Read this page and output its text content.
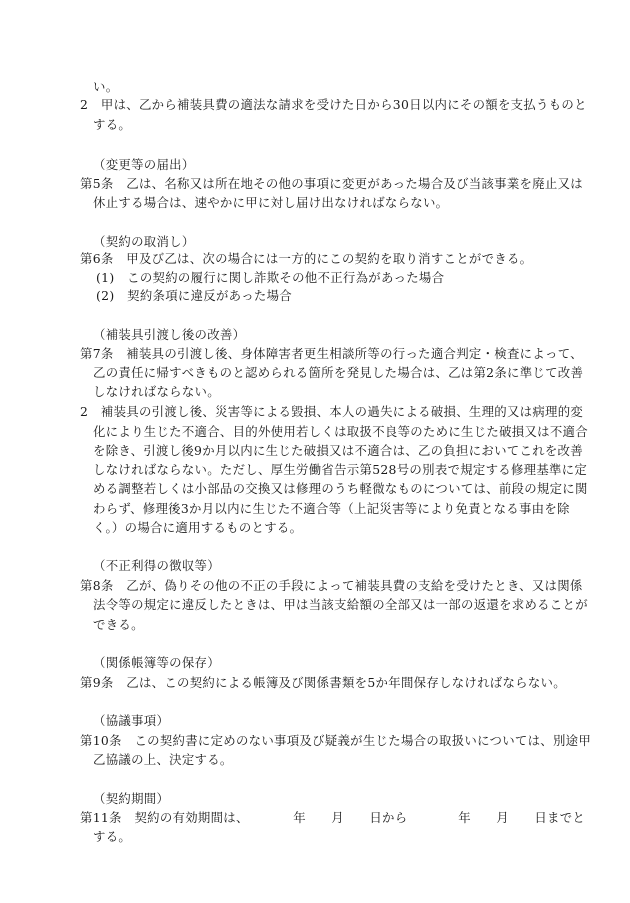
い。
2　甲は、乙から補装具費の適法な請求を受けた日から30日以内にその額を支払うものと
する。
（変更等の届出）
第5条　乙は、名称又は所在地その他の事項に変更があった場合及び当該事業を廃止又は
休止する場合は、速やかに甲に対し届け出なければならない。
（契約の取消し）
第6条　甲及び乙は、次の場合には一方的にこの契約を取り消すことができる。
(1)　この契約の履行に関し詐欺その他不正行為があった場合
(2)　契約条項に違反があった場合
（補装具引渡し後の改善）
第7条　補装具の引渡し後、身体障害者更生相談所等の行った適合判定・検査によって、
乙の責任に帰すべきものと認められる箇所を発見した場合は、乙は第2条に準じて改善
しなければならない。
2　補装具の引渡し後、災害等による毀損、本人の過失による破損、生理的又は病理的変
化により生じた不適合、目的外使用若しくは取扱不良等のために生じた破損又は不適合
を除き、引渡し後9か月以内に生じた破損又は不適合は、乙の負担においてこれを改善
しなければならない。ただし、厚生労働省告示第528号の別表で規定する修理基準に定
める調整若しくは小部品の交換又は修理のうち軽微なものについては、前段の規定に関
わらず、修理後3か月以内に生じた不適合等（上記災害等により免責となる事由を除
く。）の場合に適用するものとする。
（不正利得の徴収等）
第8条　乙が、偽りその他の不正の手段によって補装具費の支給を受けたとき、又は関係
法令等の規定に違反したときは、甲は当該支給額の全部又は一部の返還を求めることが
できる。
（関係帳簿等の保存）
第9条　乙は、この契約による帳簿及び関係書類を5か年間保存しなければならない。
（協議事項）
第10条　この契約書に定めのない事項及び疑義が生じた場合の取扱いについては、別途甲
乙協議の上、決定する。
（契約期間）
第11条　契約の有効期間は、　　　　年　　月　　日から　　　　年　　月　　日までと
する。
